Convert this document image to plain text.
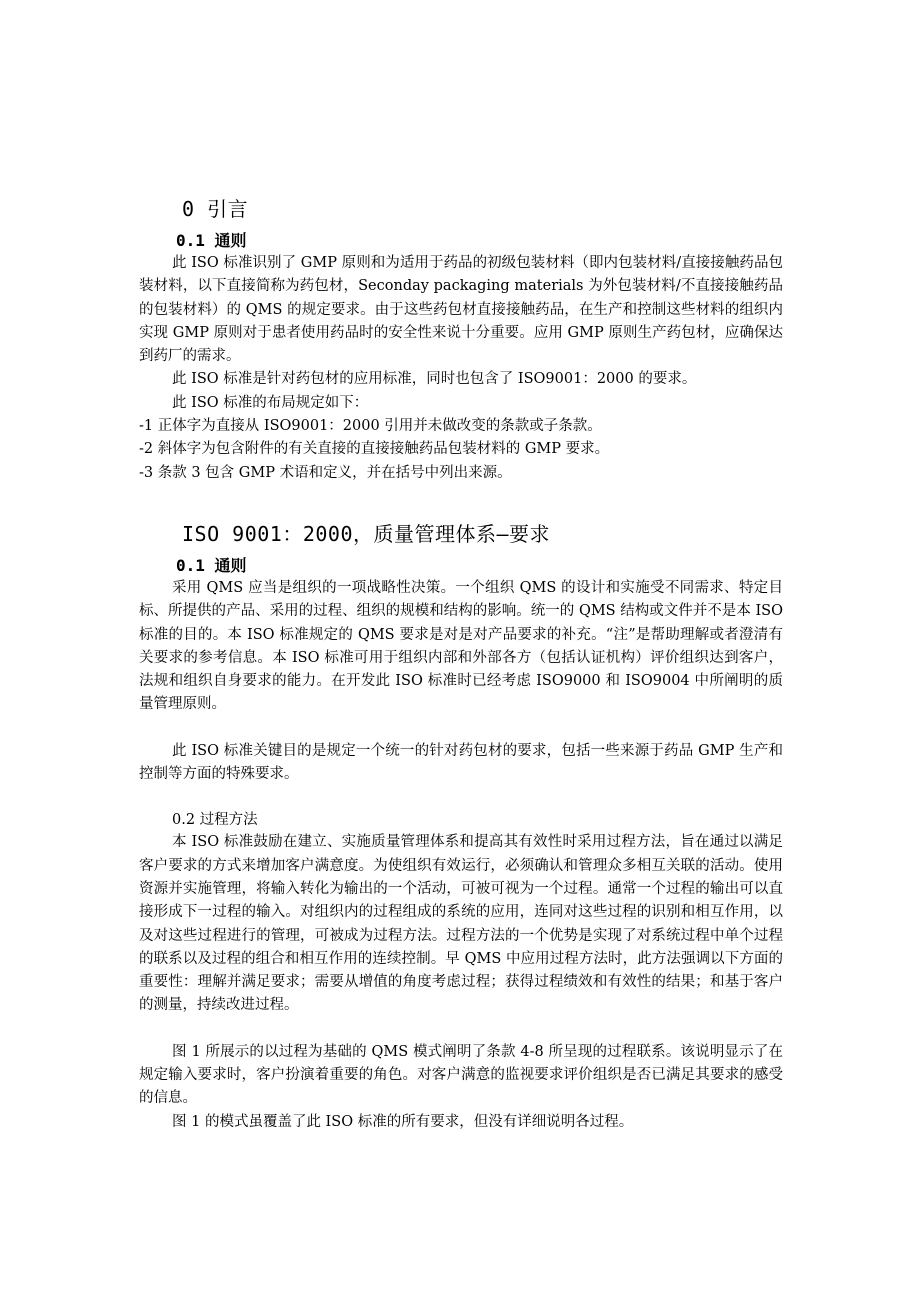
0 引言
0.1 通则

此 ISO 标准识别了 GMP 原则和为适用于药品的初级包装材料（即内包装材料/直接接触药品包装材料，以下直接简称为药包材，Seconday packaging materials 为外包装材料/不直接接触药品的包装材料）的 QMS 的规定要求。由于这些药包材直接接触药品，在生产和控制这些材料的组织内实现 GMP 原则对于患者使用药品时的安全性来说十分重要。应用 GMP 原则生产药包材，应确保达到药厂的需求。

此 ISO 标准是针对药包材的应用标准，同时也包含了 ISO9001：2000 的要求。

此 ISO 标准的布局规定如下：

-1 正体字为直接从 ISO9001：2000 引用并未做改变的条款或子条款。

-2 斜体字为包含附件的有关直接的直接接触药品包装材料的 GMP 要求。

-3 条款 3 包含 GMP 术语和定义，并在括号中列出来源。

ISO 9001：2000，质量管理体系—要求
0.1 通则

采用 QMS 应当是组织的一项战略性决策。一个组织 QMS 的设计和实施受不同需求、特定目标、所提供的产品、采用的过程、组织的规模和结构的影响。统一的 QMS 结构或文件并不是本 ISO 标准的目的。本 ISO 标准规定的 QMS 要求是对是对产品要求的补充。“注”是帮助理解或者澄清有关要求的参考信息。本 ISO 标准可用于组织内部和外部各方（包括认证机构）评价组织达到客户，法规和组织自身要求的能力。在开发此 ISO 标准时已经考虑 ISO9000 和 ISO9004 中所阐明的质量管理原则。

此 ISO 标准关键目的是规定一个统一的针对药包材的要求，包括一些来源于药品 GMP 生产和控制等方面的特殊要求。

0.2 过程方法

本 ISO 标准鼓励在建立、实施质量管理体系和提高其有效性时采用过程方法，旨在通过以满足客户要求的方式来增加客户满意度。为使组织有效运行，必须确认和管理众多相互关联的活动。使用资源并实施管理，将输入转化为输出的一个活动，可被可视为一个过程。通常一个过程的输出可以直接形成下一过程的输入。对组织内的过程组成的系统的应用，连同对这些过程的识别和相互作用，以及对这些过程进行的管理，可被成为过程方法。过程方法的一个优势是实现了对系统过程中单个过程的联系以及过程的组合和相互作用的连续控制。早 QMS 中应用过程方法时，此方法强调以下方面的重要性：理解并满足要求；需要从增值的角度考虑过程；获得过程绩效和有效性的结果；和基于客户的测量，持续改进过程。

图 1 所展示的以过程为基础的 QMS 模式阐明了条款 4-8 所呈现的过程联系。该说明显示了在规定输入要求时，客户扮演着重要的角色。对客户满意的监视要求评价组织是否已满足其要求的感受的信息。

图 1 的模式虽覆盖了此 ISO 标准的所有要求，但没有详细说明各过程。
